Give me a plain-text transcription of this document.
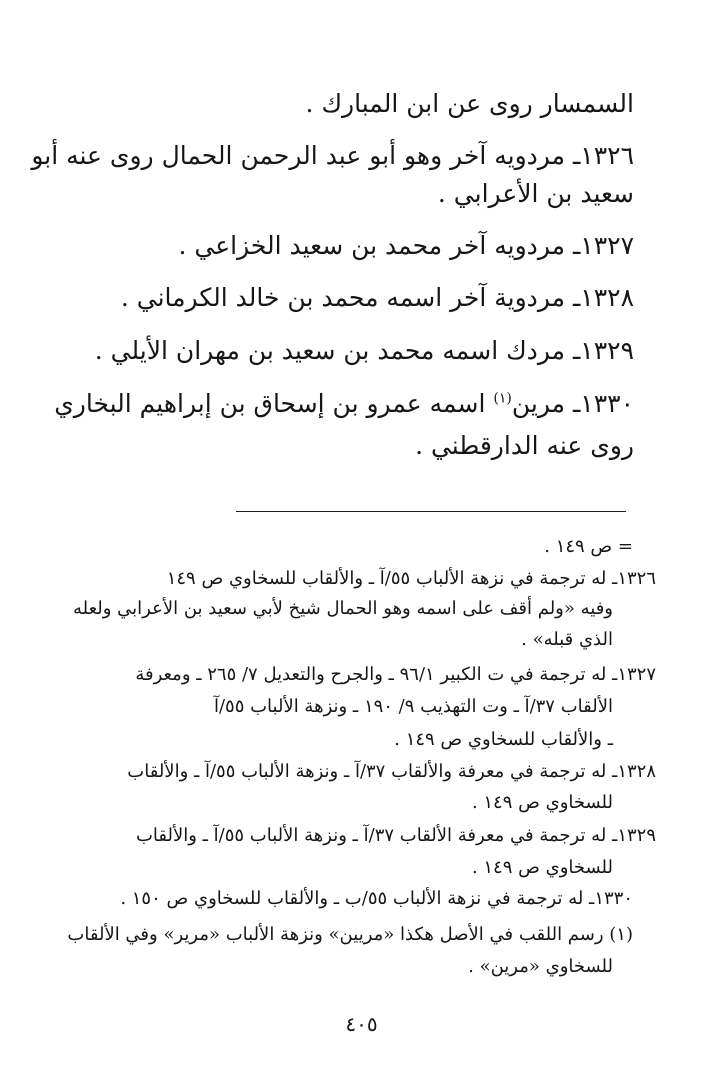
السمسار روى عن ابن المبارك .
١٣٢٦ـ مردويه آخر وهو أبو عبد الرحمن الحمال روى عنه أبو
سعيد بن الأعرابي .
١٣٢٧ـ مردويه آخر محمد بن سعيد الخزاعي .
١٣٢٨ـ مردوية آخر اسمه محمد بن خالد الكرماني .
١٣٢٩ـ مردك اسمه محمد بن سعيد بن مهران الأيلي .
١٣٣٠ـ مرين$^{(١)}$ اسمه عمرو بن إسحاق بن إبراهيم البخاري
روى عنه الدارقطني .
= ص ١٤٩ .
١٣٢٦ـ له ترجمة في نزهة الألباب ٥٥/آ ـ والألقاب للسخاوي ص ١٤٩
وفيه «ولم أقف على اسمه وهو الحمال شيخ لأبي سعيد بن الأعرابي ولعله
الذي قبله» .
١٣٢٧ـ له ترجمة في ت الكبير ٩٦/١ ـ والجرح والتعديل ٧/ ٢٦٥ ـ ومعرفة
الألقاب ٣٧/آ ـ وت التهذيب ٩/ ١٩٠ ـ ونزهة الألباب ٥٥/آ
ـ والألقاب للسخاوي ص ١٤٩ .
١٣٢٨ـ له ترجمة في معرفة والألقاب ٣٧/آ ـ ونزهة الألباب ٥٥/آ ـ والألقاب
للسخاوي ص ١٤٩ .
١٣٢٩ـ له ترجمة في معرفة الألقاب ٣٧/آ ـ ونزهة الألباب ٥٥/آ ـ والألقاب
للسخاوي ص ١٤٩ .
١٣٣٠ـ له ترجمة في نزهة الألباب ٥٥/ب ـ والألقاب للسخاوي ص ١٥٠ .
(١) رسم اللقب في الأصل هكذا «مريين» ونزهة الألباب «مرير» وفي الألقاب
للسخاوي «مرين» .
٤٠٥
